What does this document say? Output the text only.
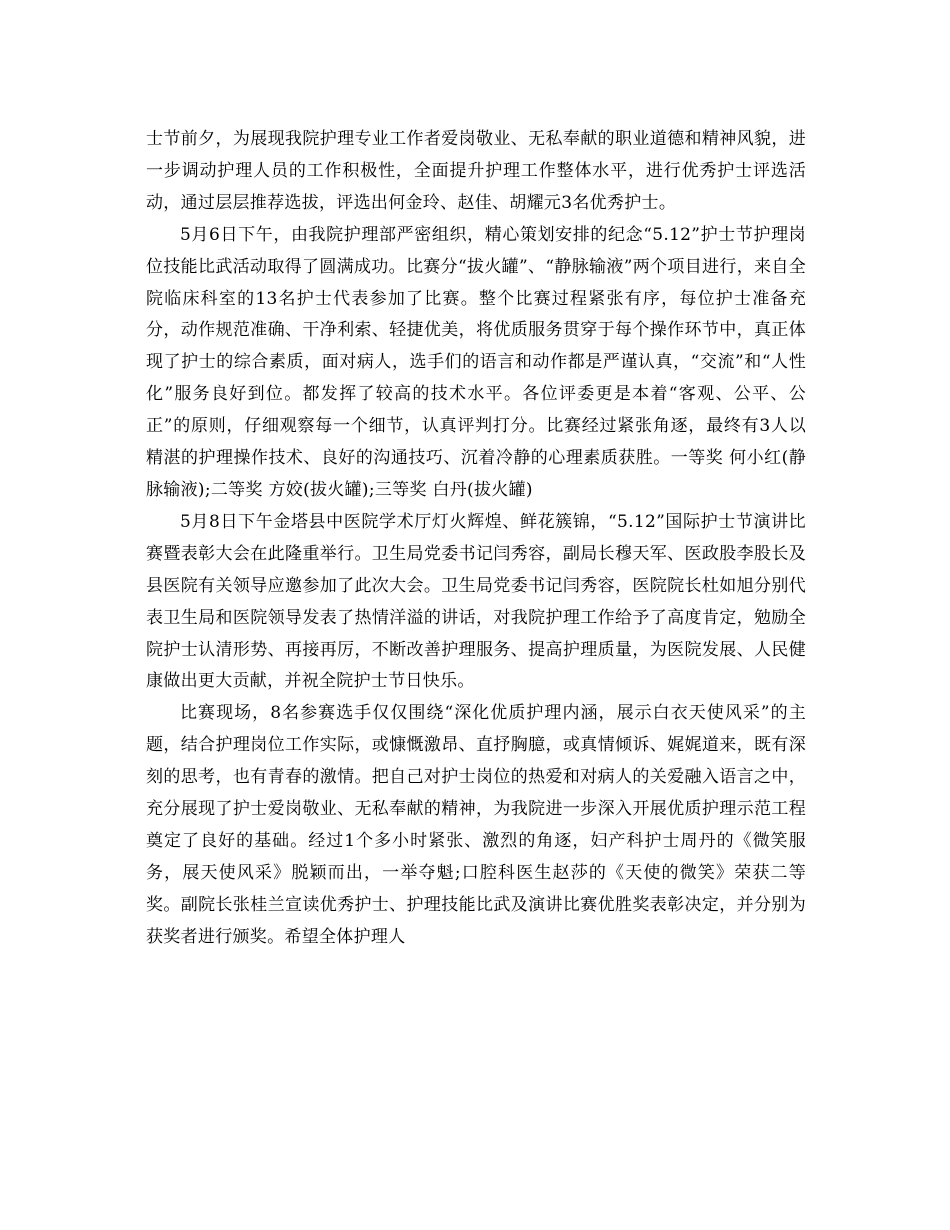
士节前夕，为展现我院护理专业工作者爱岗敬业、无私奉献的职业道德和精神风貌，进一步调动护理人员的工作积极性，全面提升护理工作整体水平，进行优秀护士评选活动，通过层层推荐选拔，评选出何金玲、赵佳、胡耀元3名优秀护士。

5月6日下午，由我院护理部严密组织，精心策划安排的纪念“5.12”护士节护理岗位技能比武活动取得了圆满成功。比赛分“拔火罐”、“静脉输液”两个项目进行，来自全院临床科室的13名护士代表参加了比赛。整个比赛过程紧张有序，每位护士准备充分，动作规范准确、干净利索、轻捷优美，将优质服务贯穿于每个操作环节中，真正体现了护士的综合素质，面对病人，选手们的语言和动作都是严谨认真，“交流”和“人性化”服务良好到位。都发挥了较高的技术水平。各位评委更是本着“客观、公平、公正”的原则，仔细观察每一个细节，认真评判打分。比赛经过紧张角逐，最终有3人以精湛的护理操作技术、良好的沟通技巧、沉着冷静的心理素质获胜。一等奖 何小红(静脉输液);二等奖 方姣(拔火罐);三等奖 白丹(拔火罐)

5月8日下午金塔县中医院学术厅灯火辉煌、鲜花簇锦，“5.12”国际护士节演讲比赛暨表彰大会在此隆重举行。卫生局党委书记闫秀容，副局长穆天军、医政股李股长及县医院有关领导应邀参加了此次大会。卫生局党委书记闫秀容，医院院长杜如旭分别代表卫生局和医院领导发表了热情洋溢的讲话，对我院护理工作给予了高度肯定，勉励全院护士认清形势、再接再厉，不断改善护理服务、提高护理质量，为医院发展、人民健康做出更大贡献，并祝全院护士节日快乐。

比赛现场，8名参赛选手仅仅围绕“深化优质护理内涵，展示白衣天使风采”的主题，结合护理岗位工作实际，或慷慨激昂、直抒胸臆，或真情倾诉、娓娓道来，既有深刻的思考，也有青春的激情。把自己对护士岗位的热爱和对病人的关爱融入语言之中，充分展现了护士爱岗敬业、无私奉献的精神，为我院进一步深入开展优质护理示范工程奠定了良好的基础。经过1个多小时紧张、激烈的角逐，妇产科护士周丹的《微笑服务，展天使风采》脱颖而出，一举夺魁;口腔科医生赵莎的《天使的微笑》荣获二等奖。副院长张桂兰宣读优秀护士、护理技能比武及演讲比赛优胜奖表彰决定，并分别为获奖者进行颁奖。希望全体护理人
